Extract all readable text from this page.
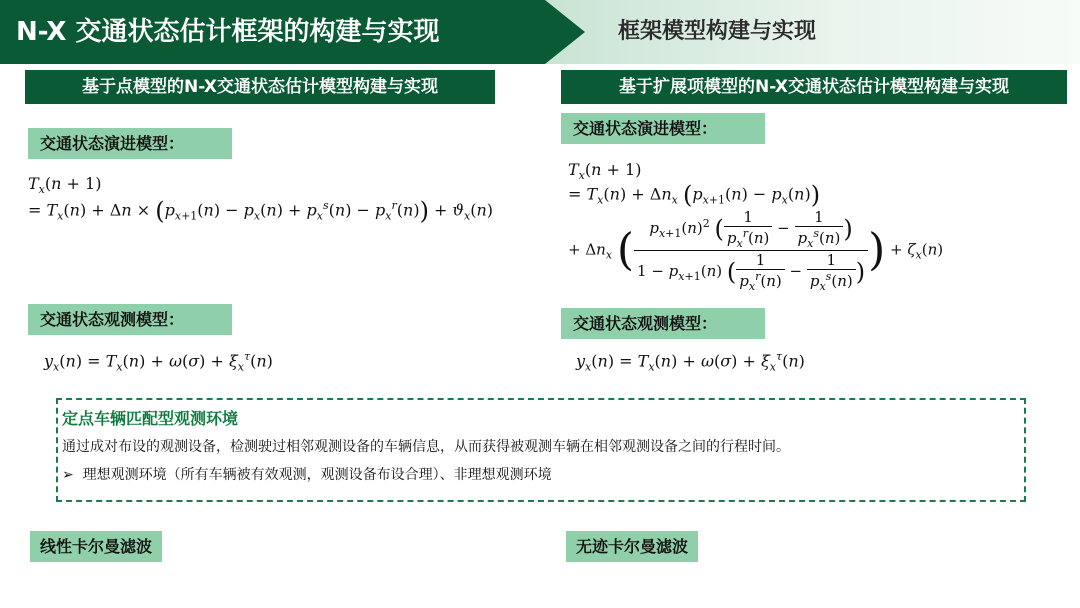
N-X 交通状态估计框架的构建与实现	框架模型构建与实现
基于点模型的N-X交通状态估计模型构建与实现	基于扩展项模型的N-X交通状态估计模型构建与实现
交通状态演进模型：
交通状态观测模型：
交通状态演进模型：
交通状态观测模型：
$T_x(n + 1)$
= $T_x(n) + \Delta n \times (p_{x+1}(n) - p_x(n) + p_x^s(n) - p_x^r(n)) + ϑ_x(n)$
$y_x(n) = T_x(n) + \omega(\sigma) + \xi_x^\tau(n)$
$T_x(n + 1)$
= $T_x(n) + \Delta n_x$ $(p_{x+1}(n) - p_x(n))$
+ $\Delta n_x$ ( $\frac{p_{x+1}(n)^2 ( \frac{1}{p_x^r(n)} - \frac{1}{p_x^s(n)} )}{1 - p_{x+1}(n) ( \frac{1}{p_x^r(n)} - \frac{1}{p_x^s(n)} )}$ ) + $\zeta_x(n)$
$y_x(n) = T_x(n) + \omega(\sigma) + \xi_x^\tau(n)$
定点车辆匹配型观测环境
通过成对布设的观测设备，检测驶过相邻观测设备的车辆信息，从而获得被观测车辆在相邻观测设备之间的行程时间。
➢ 理想观测环境（所有车辆被有效观测，观测设备布设合理）、非理想观测环境
线性卡尔曼滤波	无迹卡尔曼滤波
